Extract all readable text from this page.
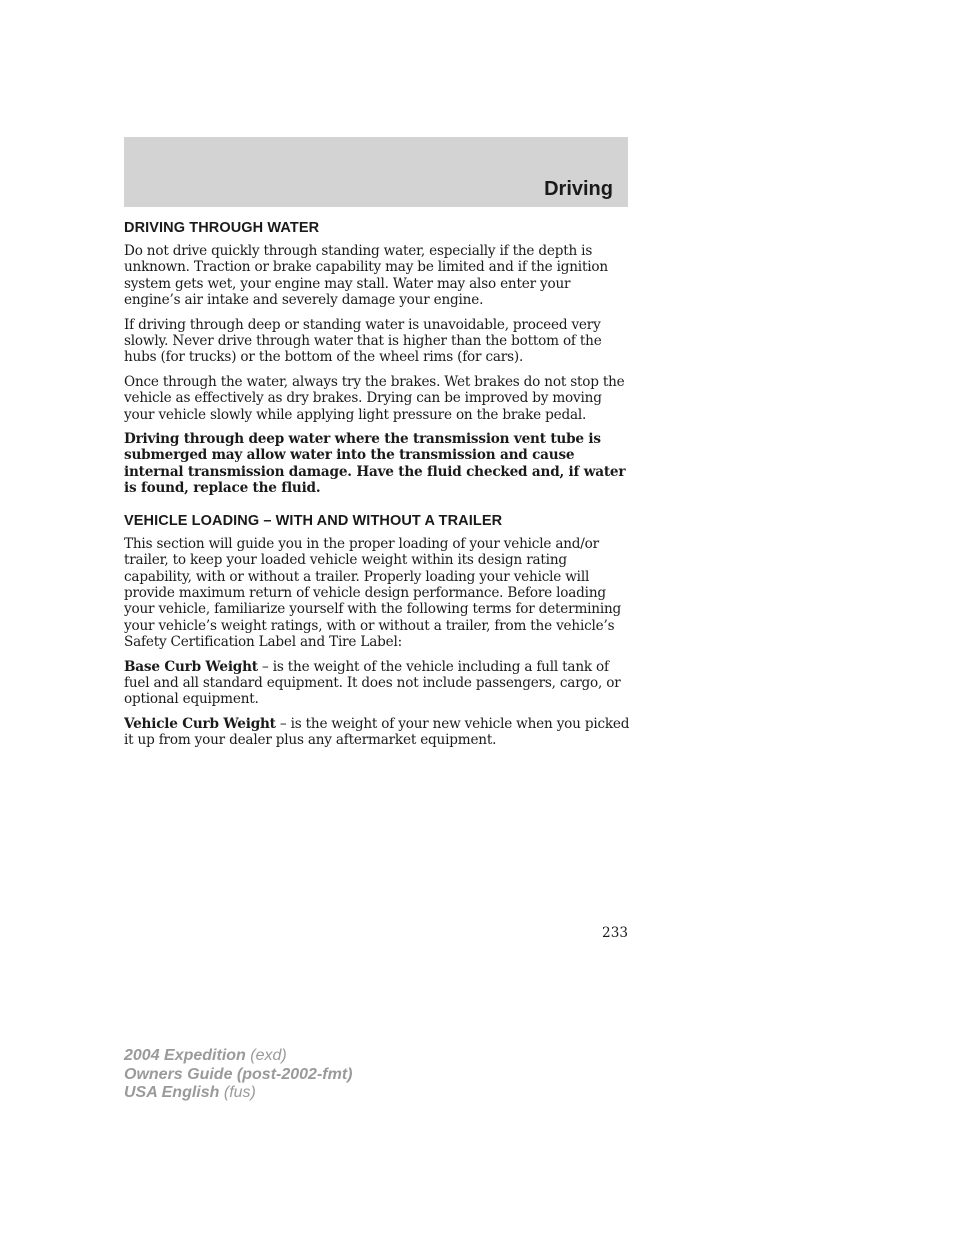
Driving
DRIVING THROUGH WATER

Do not drive quickly through standing water, especially if the depth is unknown. Traction or brake capability may be limited and if the ignition system gets wet, your engine may stall. Water may also enter your engine’s air intake and severely damage your engine.

If driving through deep or standing water is unavoidable, proceed very slowly. Never drive through water that is higher than the bottom of the hubs (for trucks) or the bottom of the wheel rims (for cars).

Once through the water, always try the brakes. Wet brakes do not stop the vehicle as effectively as dry brakes. Drying can be improved by moving your vehicle slowly while applying light pressure on the brake pedal.

Driving through deep water where the transmission vent tube is submerged may allow water into the transmission and cause internal transmission damage. Have the fluid checked and, if water is found, replace the fluid.

VEHICLE LOADING – WITH AND WITHOUT A TRAILER

This section will guide you in the proper loading of your vehicle and/or trailer, to keep your loaded vehicle weight within its design rating capability, with or without a trailer. Properly loading your vehicle will provide maximum return of vehicle design performance. Before loading your vehicle, familiarize yourself with the following terms for determining your vehicle’s weight ratings, with or without a trailer, from the vehicle’s Safety Certification Label and Tire Label:

Base Curb Weight – is the weight of the vehicle including a full tank of fuel and all standard equipment. It does not include passengers, cargo, or optional equipment.

Vehicle Curb Weight – is the weight of your new vehicle when you picked it up from your dealer plus any aftermarket equipment.

233
2004 Expedition (exd)
Owners Guide (post-2002-fmt)
USA English (fus)
